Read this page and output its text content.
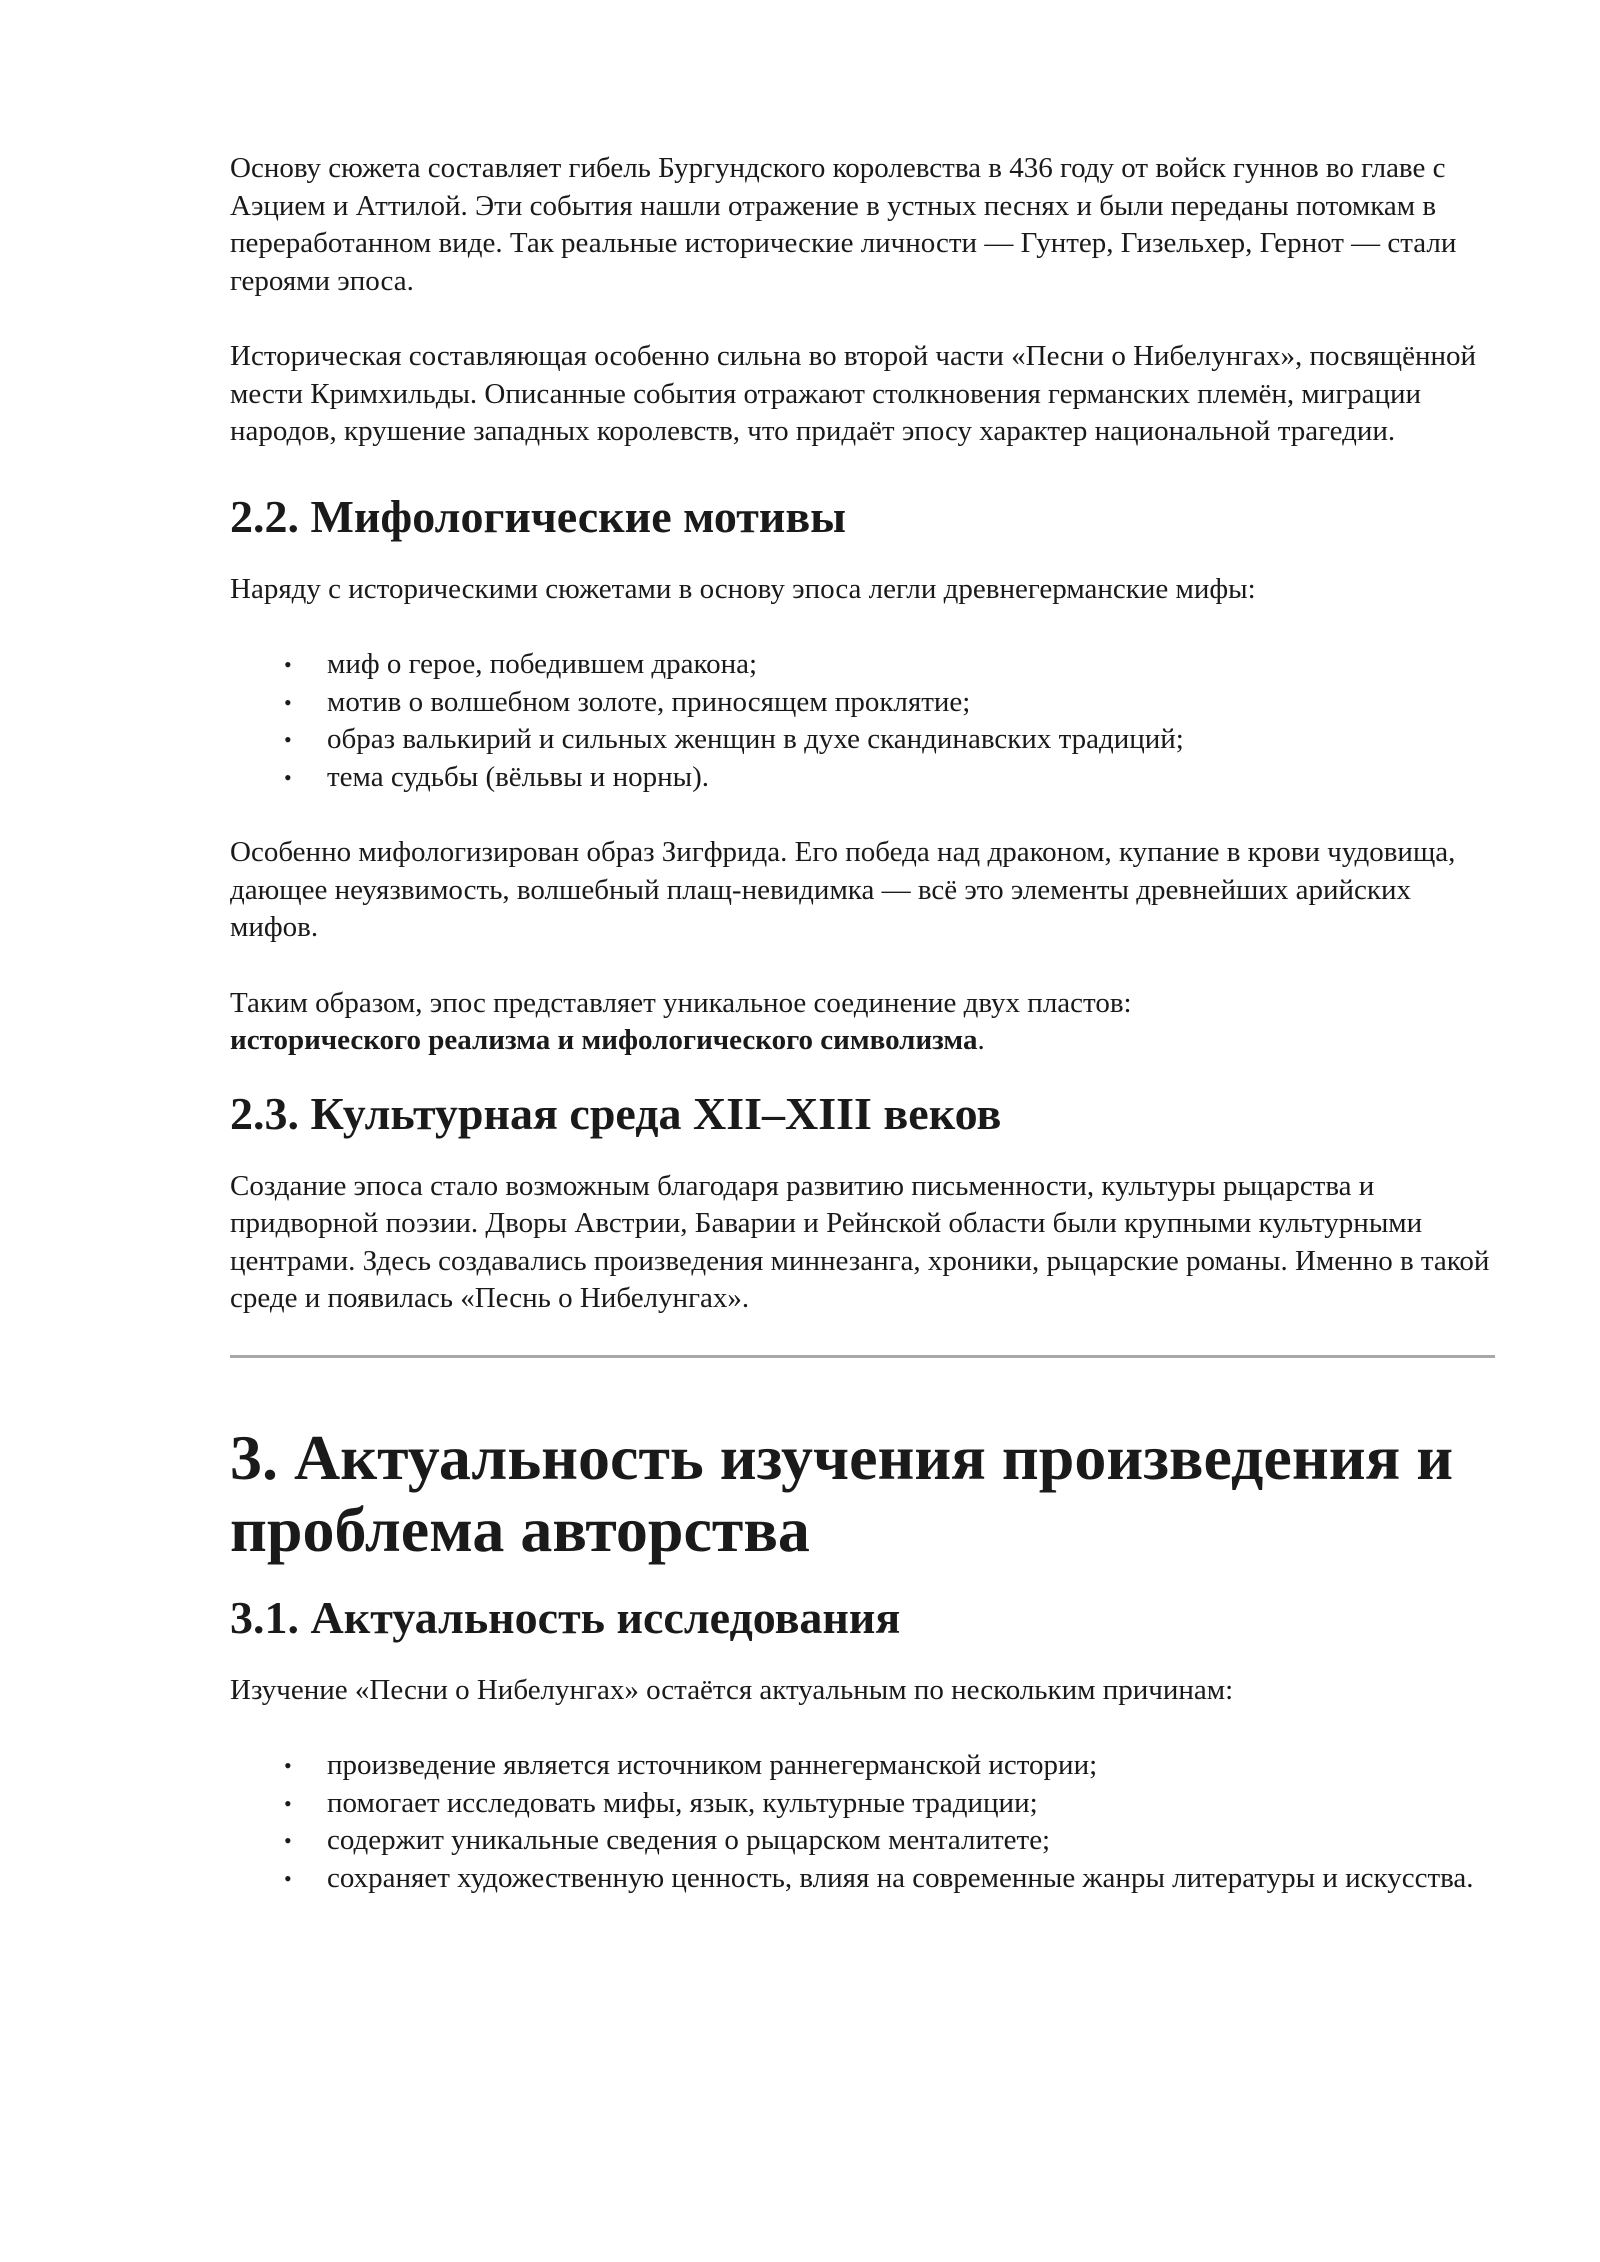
Основу сюжета составляет гибель Бургундского королевства в 436 году от войск гуннов во главе с Аэцием и Аттилой. Эти события нашли отражение в устных песнях и были переданы потомкам в переработанном виде. Так реальные исторические личности — Гунтер, Гизельхер, Гернот — стали героями эпоса.

Историческая составляющая особенно сильна во второй части «Песни о Нибелунгах», посвящённой мести Кримхильды. Описанные события отражают столкновения германских племён, миграции народов, крушение западных королевств, что придаёт эпосу характер национальной трагедии.

2.2. Мифологические мотивы

Наряду с историческими сюжетами в основу эпоса легли древнегерманские мифы:

• миф о герое, победившем дракона;
• мотив о волшебном золоте, приносящем проклятие;
• образ валькирий и сильных женщин в духе скандинавских традиций;
• тема судьбы (вёльвы и норны).

Особенно мифологизирован образ Зигфрида. Его победа над драконом, купание в крови чудовища, дающее неуязвимость, волшебный плащ-невидимка — всё это элементы древнейших арийских мифов.

Таким образом, эпос представляет уникальное соединение двух пластов:
исторического реализма и мифологического символизма.

2.3. Культурная среда XII–XIII веков

Создание эпоса стало возможным благодаря развитию письменности, культуры рыцарства и придворной поэзии. Дворы Австрии, Баварии и Рейнской области были крупными культурными центрами. Здесь создавались произведения миннезанга, хроники, рыцарские романы. Именно в такой среде и появилась «Песнь о Нибелунгах».

3. Актуальность изучения произведения и проблема авторства
3.1. Актуальность исследования

Изучение «Песни о Нибелунгах» остаётся актуальным по нескольким причинам:

• произведение является источником раннегерманской истории;
• помогает исследовать мифы, язык, культурные традиции;
• содержит уникальные сведения о рыцарском менталитете;
• сохраняет художественную ценность, влияя на современные жанры литературы и искусства.
